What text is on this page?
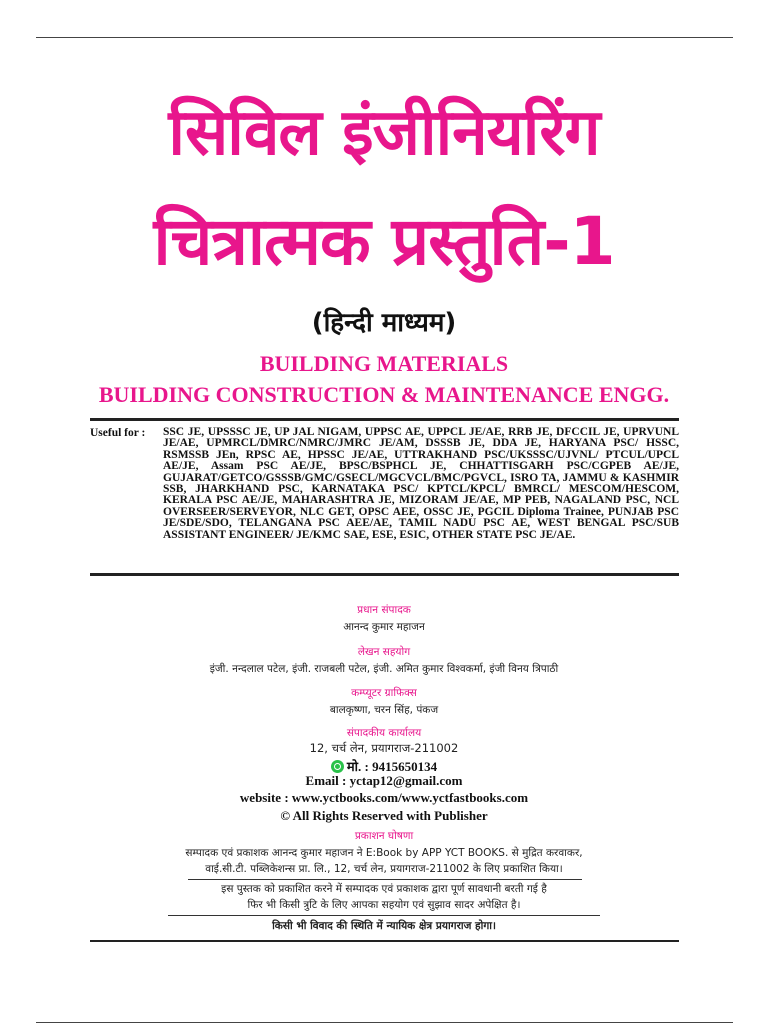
सिविल इंजीनियरिंग
चित्रात्मक प्रस्तुति-1
(हिन्दी माध्यम)
BUILDING MATERIALS
BUILDING CONSTRUCTION & MAINTENANCE ENGG.
Useful for : SSC JE, UPSSSC JE, UP JAL NIGAM, UPPSC AE, UPPCL JE/AE, RRB JE, DFCCIL JE, UPRVUNL JE/AE, UPMRCL/DMRC/NMRC/JMRC JE/AM, DSSSB JE, DDA JE, HARYANA PSC/ HSSC, RSMSSB JEn, RPSC AE, HPSSC JE/AE, UTTRAKHAND PSC/UKSSSC/UJVNL/ PTCUL/UPCL AE/JE, Assam PSC AE/JE, BPSC/BSPHCL JE, CHHATTISGARH PSC/CGPEB AE/JE, GUJARAT/GETCO/GSSSB/GMC/GSECL/MGCVCL/BMC/PGVCL, ISRO TA, JAMMU & KASHMIR SSB, JHARKHAND PSC, KARNATAKA PSC/ KPTCL/KPCL/ BMRCL/ MESCOM/HESCOM, KERALA PSC AE/JE, MAHARASHTRA JE, MIZORAM JE/AE, MP PEB, NAGALAND PSC, NCL OVERSEER/SERVEYOR, NLC GET, OPSC AEE, OSSC JE, PGCIL Diploma Trainee, PUNJAB PSC JE/SDE/SDO, TELANGANA PSC AEE/AE, TAMIL NADU PSC AE, WEST BENGAL PSC/SUB ASSISTANT ENGINEER/ JE/KMC SAE, ESE, ESIC, OTHER STATE PSC JE/AE.
प्रधान संपादक
आनन्द कुमार महाजन
लेखन सहयोग
इंजी. नन्दलाल पटेल, इंजी. राजबली पटेल, इंजी. अमित कुमार विश्वकर्मा, इंजी विनय त्रिपाठी
कम्प्यूटर ग्राफिक्स
बालकृष्णा, चरन सिंह, पंकज
संपादकीय कार्यालय
12, चर्च लेन, प्रयागराज-211002
मो. : 9415650134
Email : yctap12@gmail.com
website : www.yctbooks.com/www.yctfastbooks.com
© All Rights Reserved with Publisher
प्रकाशन घोषणा
सम्पादक एवं प्रकाशक आनन्द कुमार महाजन ने E:Book by APP YCT BOOKS. से मुद्रित करवाकर,
वाई.सी.टी. पब्लिकेशन्स प्रा. लि., 12, चर्च लेन, प्रयागराज-211002 के लिए प्रकाशित किया।
इस पुस्तक को प्रकाशित करने में सम्पादक एवं प्रकाशक द्वारा पूर्ण सावधानी बरती गई है
फिर भी किसी त्रुटि के लिए आपका सहयोग एवं सुझाव सादर अपेक्षित है।
किसी भी विवाद की स्थिति में न्यायिक क्षेत्र प्रयागराज होगा।
